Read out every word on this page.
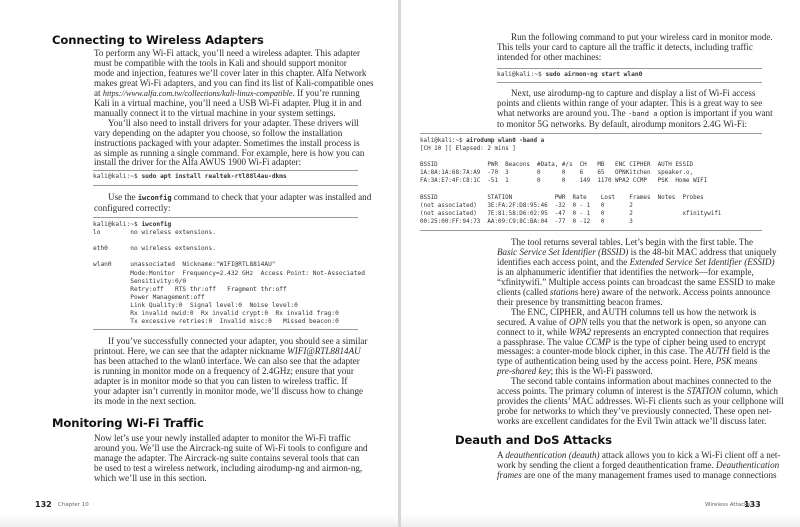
Connecting to Wireless Adapters
To perform any Wi-Fi attack, you’ll need a wireless adapter. This adapter
must be compatible with the tools in Kali and should support monitor
mode and injection, features we’ll cover later in this chapter. Alfa Network
makes great Wi-Fi adapters, and you can find its list of Kali-compatible ones
at https://www.alfa.com.tw/collections/kali-linux-compatible. If you’re running
Kali in a virtual machine, you’ll need a USB Wi-Fi adapter. Plug it in and
manually connect it to the virtual machine in your system settings.
You’ll also need to install drivers for your adapter. These drivers will
vary depending on the adapter you choose, so follow the installation
instructions packaged with your adapter. Sometimes the install process is
as simple as running a single command. For example, here is how you can
install the driver for the Alfa AWUS 1900 Wi-Fi adapter:
kali@kali:~$ sudo apt install realtek-rtl88l4au-dkms
Use the iwconfig command to check that your adapter was installed and
configured correctly:
kali@kali:~$ iwconfig
lo        no wireless extensions.
eth0      no wireless extensions.
wlan0     unassociated  Nickname:"WIFI@RTL8814AU"
Mode:Monitor  Frequency=2.432 GHz  Access Point: Not-Associated
Sensitivity:0/0
Retry:off   RTS thr:off   Fragment thr:off
Power Management:off
Link Quality:0  Signal level:0  Noise level:0
Rx invalid nwid:0  Rx invalid crypt:0  Rx invalid frag:0
Tx excessive retries:0  Invalid misc:0   Missed beacon:0
If you’ve successfully connected your adapter, you should see a similar
printout. Here, we can see that the adapter nickname WIFI@RTL8814AU
has been attached to the wlan0 interface. We can also see that the adapter
is running in monitor mode on a frequency of 2.4GHz; ensure that your
adapter is in monitor mode so that you can listen to wireless traffic. If
your adapter isn’t currently in monitor mode, we’ll discuss how to change
its mode in the next section.
Monitoring Wi-Fi Traffic
Now let’s use your newly installed adapter to monitor the Wi-Fi traffic
around you. We’ll use the Aircrack-ng suite of Wi-Fi tools to configure and
manage the adapter. The Aircrack-ng suite contains several tools that can
be used to test a wireless network, including airodump-ng and airmon-ng,
which we’ll use in this section.
132 Chapter 10
Run the following command to put your wireless card in monitor mode.
This tells your card to capture all the traffic it detects, including traffic
intended for other machines:
kali@kali:~$ sudo airmon-ng start wlan0
Next, use airodump-ng to capture and display a list of Wi-Fi access
points and clients within range of your adapter. This is a great way to see
what networks are around you. The -band a option is important if you want
to monitor 5G networks. By default, airodump monitors 2.4G Wi-Fi:
kali@kali:~$ airodump wlan0 -band a
[CH 10 ][ Elapsed: 2 mins ]
BSSID              PWR  Beacons  #Data, #/s  CH   MB   ENC CIPHER  AUTH ESSID
1A:8A:1A:68:7A:A9  -70  3        0      0    6    65   OPNKitchen  speaker.o,
FA:3A:E7:4F:C8:1C  -51  1        0      0    149  1170 WPA2 CCMP   PSK  Home WIFI
BSSID              STATION            PWR  Rate    Lost    Frames  Notes  Probes
(not associated)   3E:FA:2F:D8:95:46  -32  0 - 1   0       2
(not associated)   7E:81:58:D6:02:95  -47  0 - 1   0       2              xfinitywifi
00:25:00:FF:94:73  AA:09:C9:8C:BA:04  -77  0 -12   0       3
The tool returns several tables. Let’s begin with the first table. The
Basic Service Set Identifier (BSSID) is the 48-bit MAC address that uniquely
identifies each access point, and the Extended Service Set Identifier (ESSID)
is an alphanumeric identifier that identifies the network—for example,
“xfinitywifi.” Multiple access points can broadcast the same ESSID to make
clients (called stations here) aware of the network. Access points announce
their presence by transmitting beacon frames.
The ENC, CIPHER, and AUTH columns tell us how the network is
secured. A value of OPN tells you that the network is open, so anyone can
connect to it, while WPA2 represents an encrypted connection that requires
a passphrase. The value CCMP is the type of cipher being used to encrypt
messages: a counter-mode block cipher, in this case. The AUTH field is the
type of authentication being used by the access point. Here, PSK means
pre-shared key; this is the Wi-Fi password.
The second table contains information about machines connected to the
access points. The primary column of interest is the STATION column, which
provides the clients’ MAC addresses. Wi-Fi clients such as your cellphone will
probe for networks to which they’ve previously connected. These open net-
works are excellent candidates for the Evil Twin attack we’ll discuss later.
Deauth and DoS Attacks
A deauthentication (deauth) attack allows you to kick a Wi-Fi client off a net-
work by sending the client a forged deauthentication frame. Deauthentication
frames are one of the many management frames used to manage connections
Wireless Attacks
133
